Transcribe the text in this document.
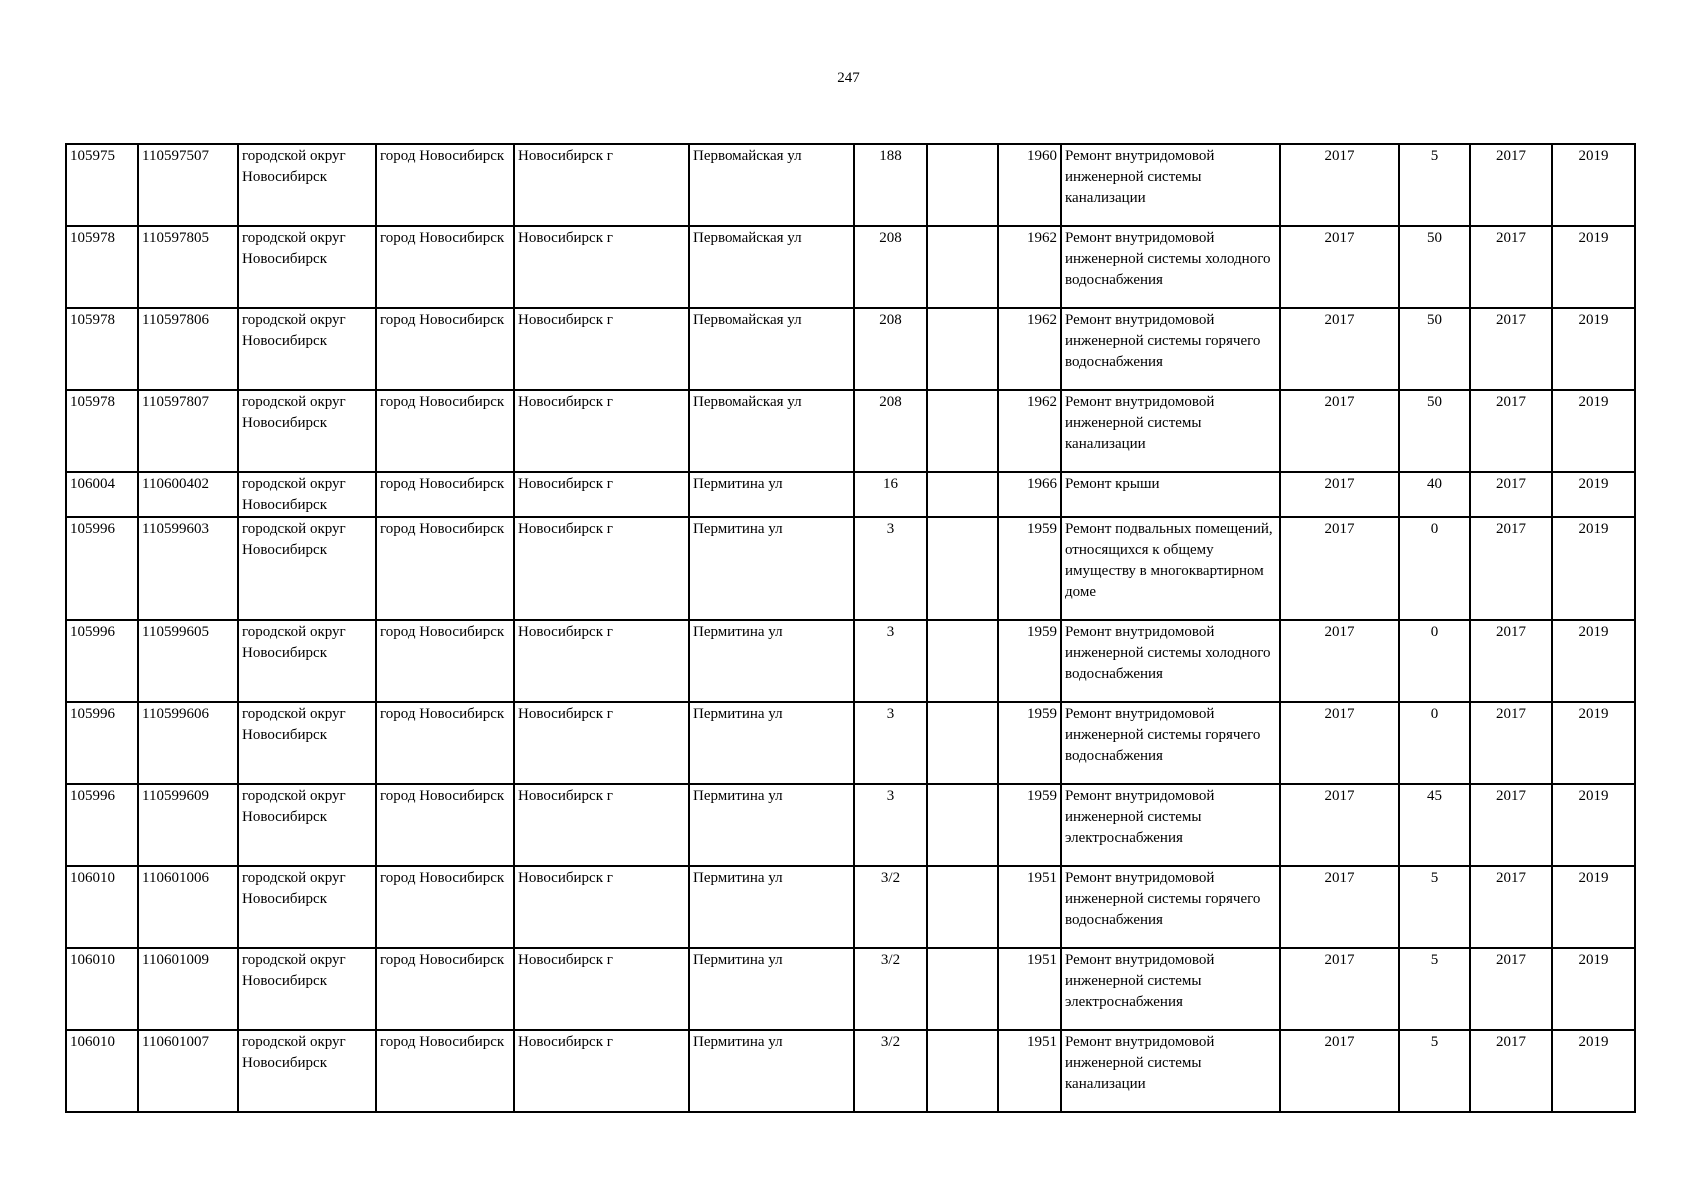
247
105975	110597507	городской округ Новосибирск	город Новосибирск	Новосибирск г	Первомайская ул	188		1960	Ремонт внутридомовой инженерной системы канализации	2017	5	2017	2019
105978	110597805	городской округ Новосибирск	город Новосибирск	Новосибирск г	Первомайская ул	208		1962	Ремонт внутридомовой инженерной системы холодного водоснабжения	2017	50	2017	2019
105978	110597806	городской округ Новосибирск	город Новосибирск	Новосибирск г	Первомайская ул	208		1962	Ремонт внутридомовой инженерной системы горячего водоснабжения	2017	50	2017	2019
105978	110597807	городской округ Новосибирск	город Новосибирск	Новосибирск г	Первомайская ул	208		1962	Ремонт внутридомовой инженерной системы канализации	2017	50	2017	2019
106004	110600402	городской округ Новосибирск	город Новосибирск	Новосибирск г	Пермитина ул	16		1966	Ремонт крыши	2017	40	2017	2019
105996	110599603	городской округ Новосибирск	город Новосибирск	Новосибирск г	Пермитина ул	3		1959	Ремонт подвальных помещений, относящихся к общему имуществу в многоквартирном доме	2017	0	2017	2019
105996	110599605	городской округ Новосибирск	город Новосибирск	Новосибирск г	Пермитина ул	3		1959	Ремонт внутридомовой инженерной системы холодного водоснабжения	2017	0	2017	2019
105996	110599606	городской округ Новосибирск	город Новосибирск	Новосибирск г	Пермитина ул	3		1959	Ремонт внутридомовой инженерной системы горячего водоснабжения	2017	0	2017	2019
105996	110599609	городской округ Новосибирск	город Новосибирск	Новосибирск г	Пермитина ул	3		1959	Ремонт внутридомовой инженерной системы электроснабжения	2017	45	2017	2019
106010	110601006	городской округ Новосибирск	город Новосибирск	Новосибирск г	Пермитина ул	3/2		1951	Ремонт внутридомовой инженерной системы горячего водоснабжения	2017	5	2017	2019
106010	110601009	городской округ Новосибирск	город Новосибирск	Новосибирск г	Пермитина ул	3/2		1951	Ремонт внутридомовой инженерной системы электроснабжения	2017	5	2017	2019
106010	110601007	городской округ Новосибирск	город Новосибирск	Новосибирск г	Пермитина ул	3/2		1951	Ремонт внутридомовой инженерной системы канализации	2017	5	2017	2019
